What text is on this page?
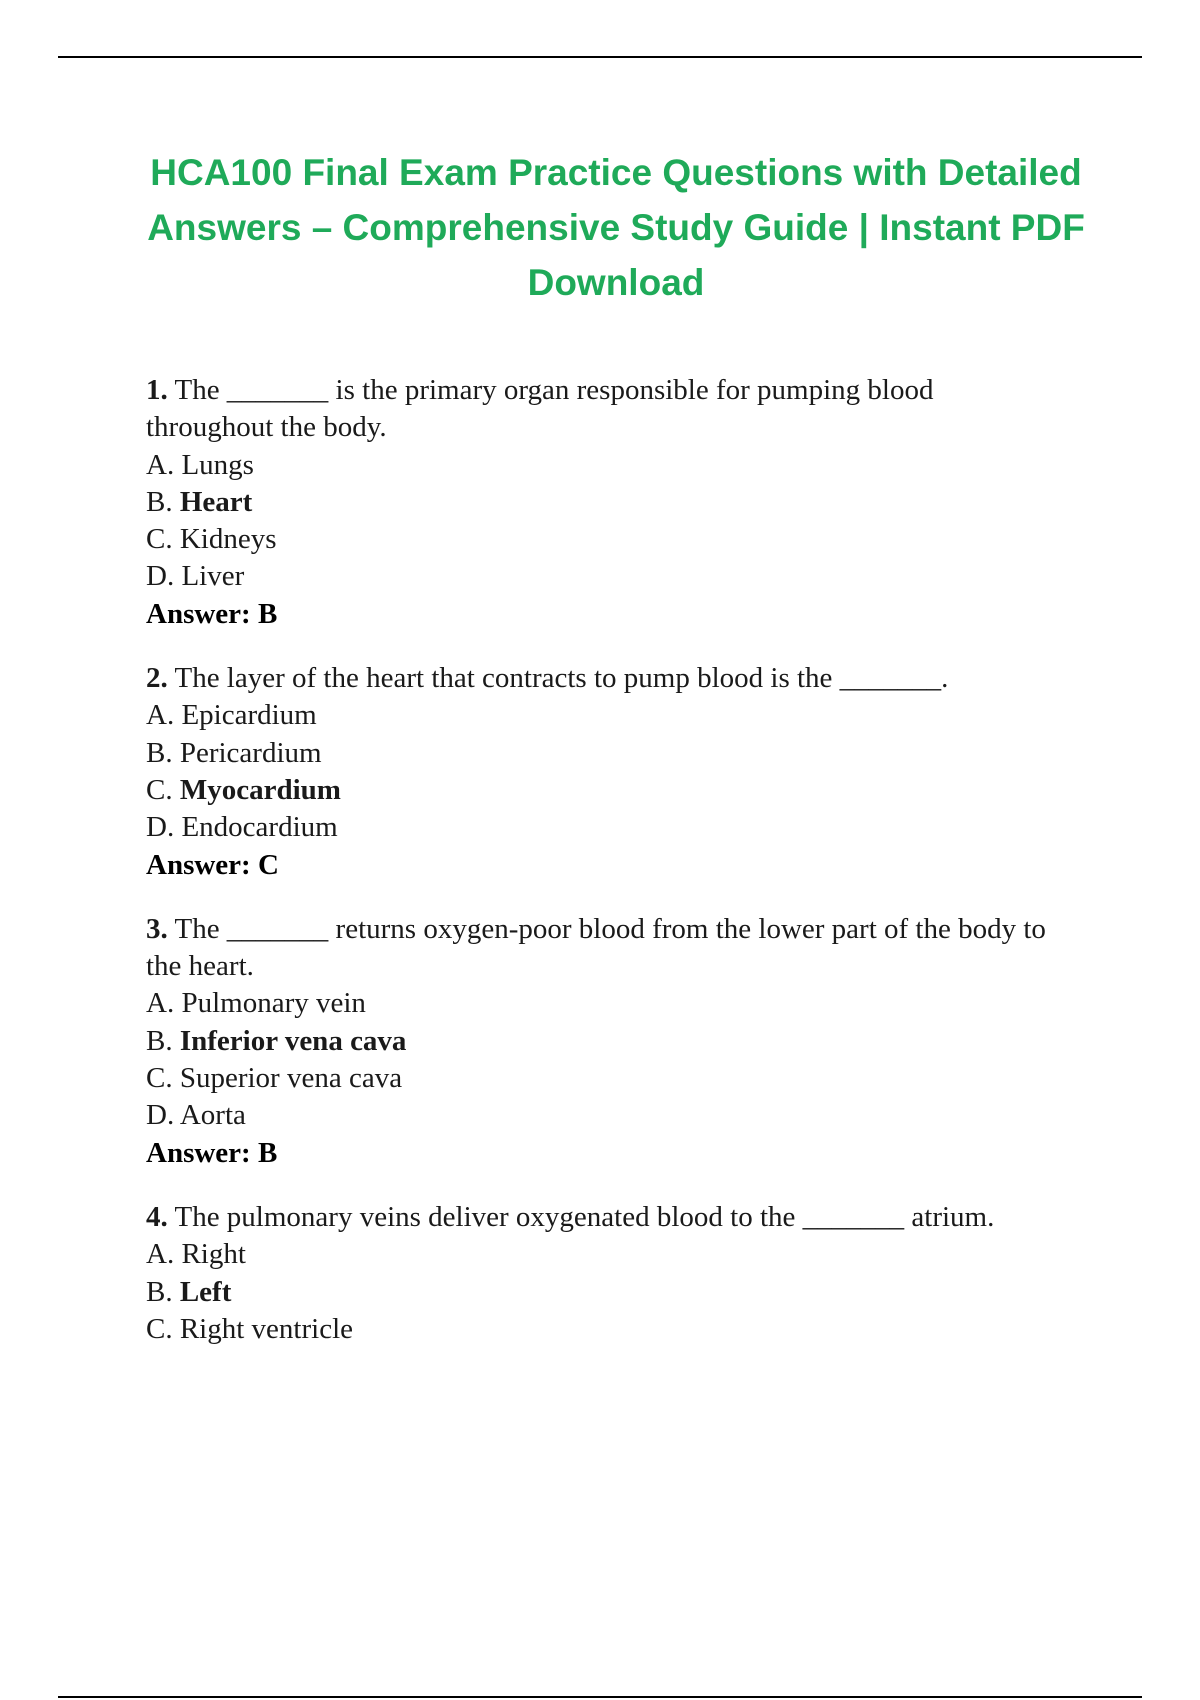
HCA100 Final Exam Practice Questions with Detailed Answers – Comprehensive Study Guide | Instant PDF Download
1. The _______ is the primary organ responsible for pumping blood throughout the body.
A. Lungs
B. Heart
C. Kidneys
D. Liver
Answer: B
2. The layer of the heart that contracts to pump blood is the _______.
A. Epicardium
B. Pericardium
C. Myocardium
D. Endocardium
Answer: C
3. The _______ returns oxygen-poor blood from the lower part of the body to the heart.
A. Pulmonary vein
B. Inferior vena cava
C. Superior vena cava
D. Aorta
Answer: B
4. The pulmonary veins deliver oxygenated blood to the _______ atrium.
A. Right
B. Left
C. Right ventricle
